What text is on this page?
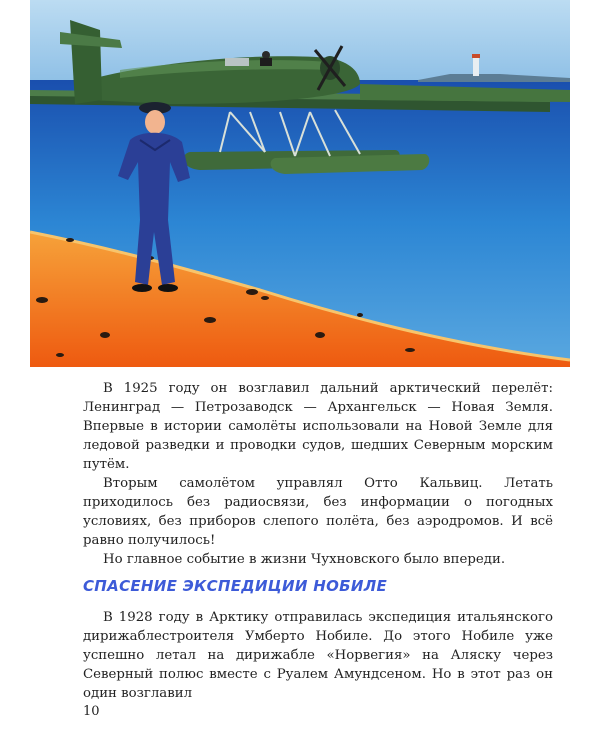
В 1925 году он возглавил дальний арктический перелёт: Ленинград — Петрозаводск — Архангельск — Новая Земля. Впервые в истории самолёты использовали на Новой Земле для ледовой разведки и проводки судов, шедших Северным морским путём.

Вторым самолётом управлял Отто Кальвиц. Летать приходилось без радиосвязи, без информации о погодных условиях, без приборов слепого полёта, без аэродромов. И всё равно получилось!

Но главное событие в жизни Чухновского было впереди.

СПАСЕНИЕ ЭКСПЕДИЦИИ НОБИЛЕ

В 1928 году в Арктику отправилась экспедиция итальянского дирижаблестроителя Умберто Нобиле. До этого Нобиле уже успешно летал на дирижабле «Норвегия» на Аляску через Северный полюс вместе с Руалем Амундсеном. Но в этот раз он один возглавил

10
